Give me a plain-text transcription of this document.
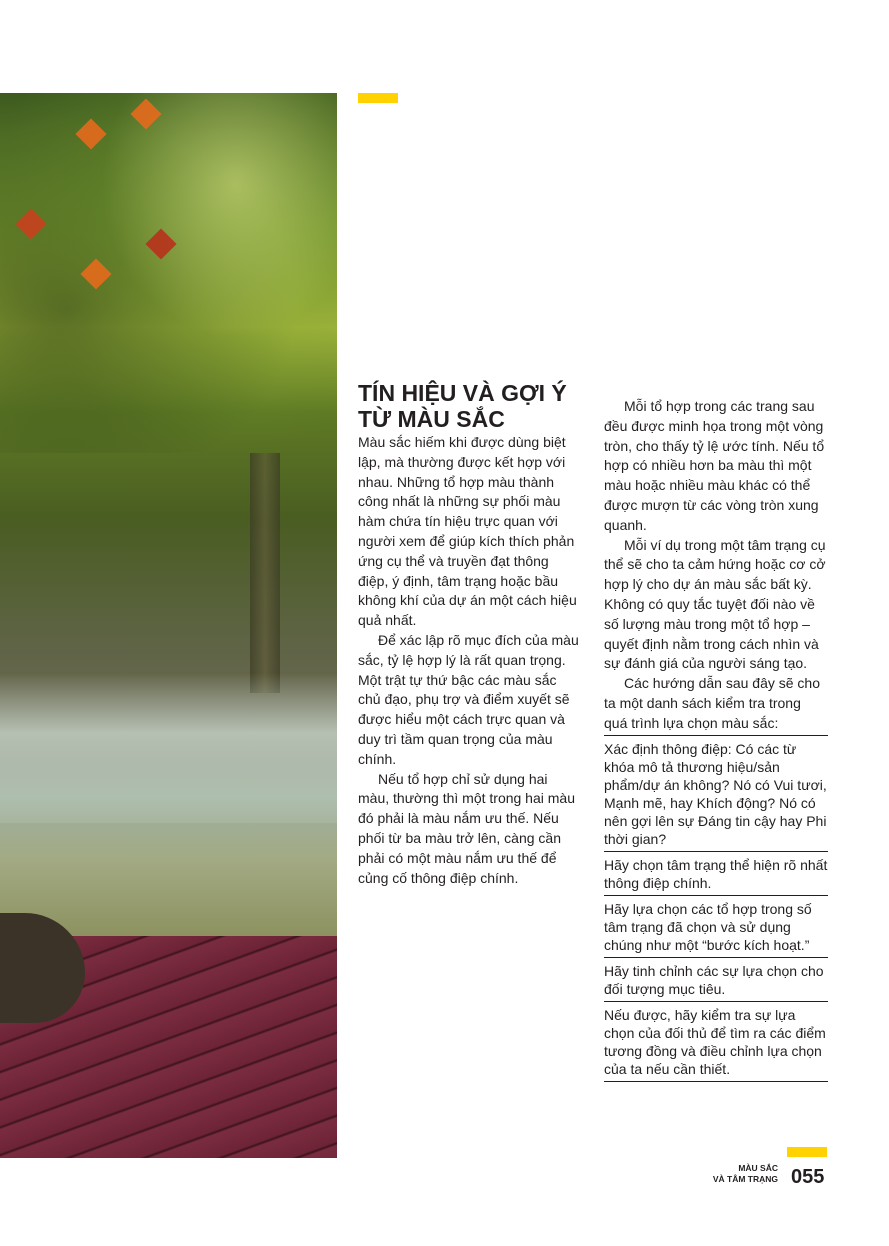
TÍN HIỆU VÀ GỢI Ý
TỪ MÀU SẮC

Màu sắc hiếm khi được dùng biệt lập, mà thường được kết hợp với nhau. Những tổ hợp màu thành công nhất là những sự phối màu hàm chứa tín hiệu trực quan với người xem để giúp kích thích phản ứng cụ thể và truyền đạt thông điệp, ý định, tâm trạng hoặc bầu không khí của dự án một cách hiệu quả nhất.

Để xác lập rõ mục đích của màu sắc, tỷ lệ hợp lý là rất quan trọng. Một trật tự thứ bậc các màu sắc chủ đạo, phụ trợ và điểm xuyết sẽ được hiểu một cách trực quan và duy trì tầm quan trọng của màu chính.

Nếu tổ hợp chỉ sử dụng hai màu, thường thì một trong hai màu đó phải là màu nắm ưu thế. Nếu phối từ ba màu trở lên, càng cần phải có một màu nắm ưu thế để củng cố thông điệp chính.

Mỗi tổ hợp trong các trang sau đều được minh họa trong một vòng tròn, cho thấy tỷ lệ ước tính. Nếu tổ hợp có nhiều hơn ba màu thì một màu hoặc nhiều màu khác có thể được mượn từ các vòng tròn xung quanh.

Mỗi ví dụ trong một tâm trạng cụ thể sẽ cho ta cảm hứng hoặc cơ cở hợp lý cho dự án màu sắc bất kỳ. Không có quy tắc tuyệt đối nào về số lượng màu trong một tổ hợp – quyết định nằm trong cách nhìn và sự đánh giá của người sáng tạo.

Các hướng dẫn sau đây sẽ cho ta một danh sách kiểm tra trong quá trình lựa chọn màu sắc:

Xác định thông điệp: Có các từ khóa mô tả thương hiệu/sản phẩm/dự án không? Nó có Vui tươi, Mạnh mẽ, hay Khích động? Nó có nên gợi lên sự Đáng tin cậy hay Phi thời gian?
Hãy chọn tâm trạng thể hiện rõ nhất thông điệp chính.
Hãy lựa chọn các tổ hợp trong số tâm trạng đã chọn và sử dụng chúng như một “bước kích hoạt.”
Hãy tinh chỉnh các sự lựa chọn cho đối tượng mục tiêu.
Nếu được, hãy kiểm tra sự lựa chọn của đối thủ để tìm ra các điểm tương đồng và điều chỉnh lựa chọn của ta nếu cần thiết.
MÀU SẮC
VÀ TÂM TRẠNG 055
